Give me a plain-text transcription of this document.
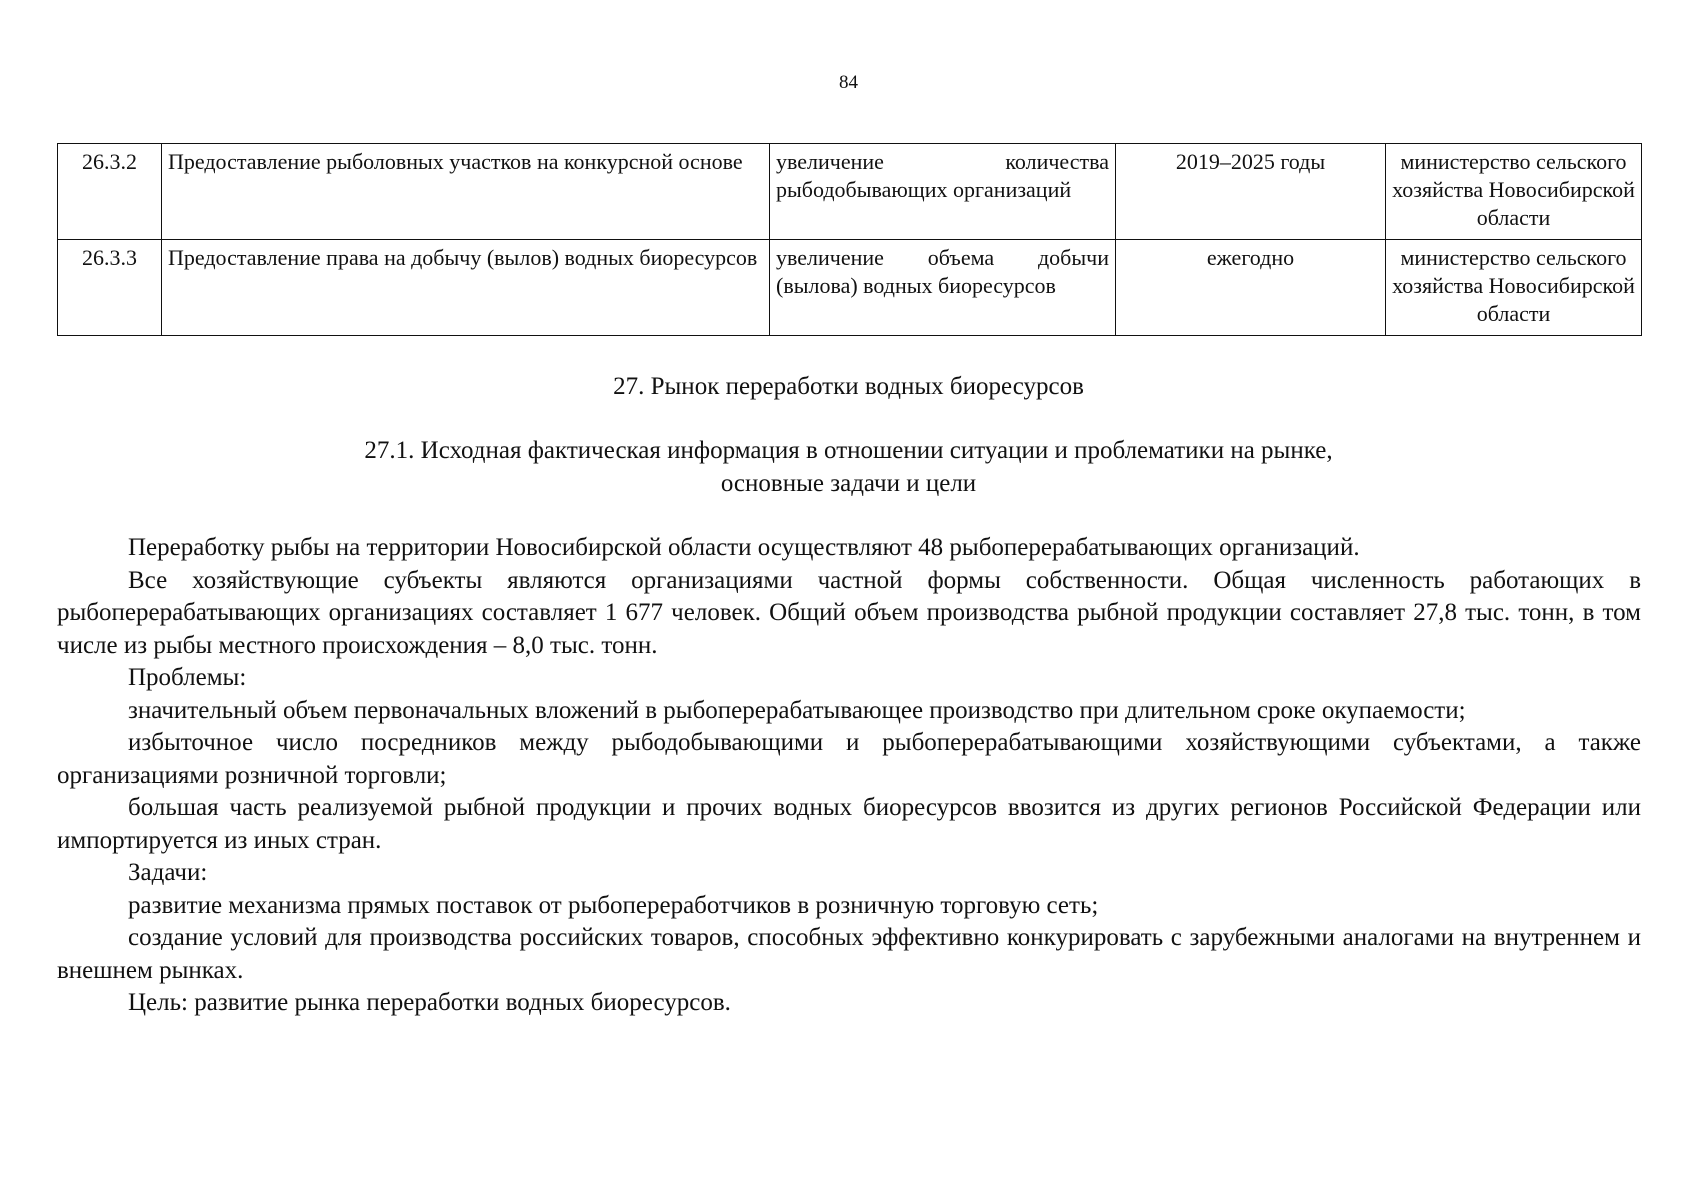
84
26.3.2	Предоставление рыболовных участков на конкурсной основе	увеличение количества рыбодобывающих организаций	2019–2025 годы	министерство сельского хозяйства Новосибирской области
26.3.3	Предоставление права на добычу (вылов) водных биоресурсов	увеличение объема добычи (вылова) водных биоресурсов	ежегодно	министерство сельского хозяйства Новосибирской области
27. Рынок переработки водных биоресурсов
27.1. Исходная фактическая информация в отношении ситуации и проблематики на рынке,
основные задачи и цели

Переработку рыбы на территории Новосибирской области осуществляют 48 рыбоперерабатывающих организаций.

Все хозяйствующие субъекты являются организациями частной формы собственности. Общая численность работающих в рыбоперерабатывающих организациях составляет 1 677 человек. Общий объем производства рыбной продукции составляет 27,8 тыс. тонн, в том числе из рыбы местного происхождения – 8,0 тыс. тонн.

Проблемы:

значительный объем первоначальных вложений в рыбоперерабатывающее производство при длительном сроке окупаемости;

избыточное число посредников между рыбодобывающими и рыбоперерабатывающими хозяйствующими субъектами, а также организациями розничной торговли;

большая часть реализуемой рыбной продукции и прочих водных биоресурсов ввозится из других регионов Российской Федерации или импортируется из иных стран.

Задачи:

развитие механизма прямых поставок от рыбопереработчиков в розничную торговую сеть;

создание условий для производства российских товаров, способных эффективно конкурировать с зарубежными аналогами на внутреннем и внешнем рынках.

Цель: развитие рынка переработки водных биоресурсов.
